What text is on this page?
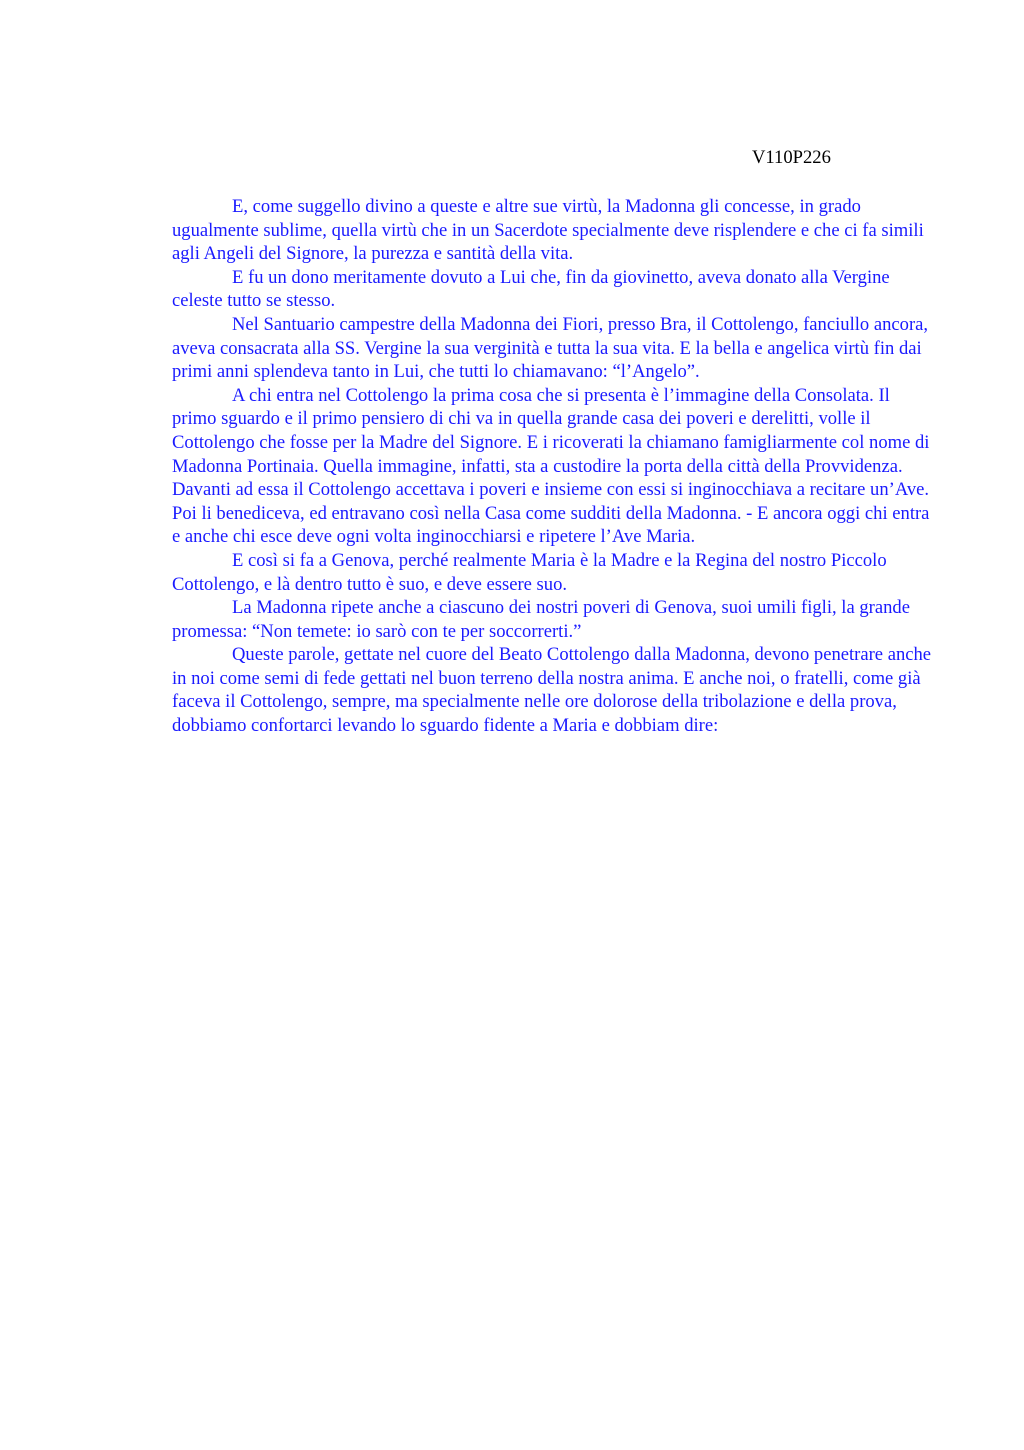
V110P226

E, come suggello divino a queste e altre sue virtù, la Madonna gli concesse, in grado ugualmente sublime, quella virtù che in un Sacerdote specialmente deve risplendere e che ci fa simili agli Angeli del Signore, la purezza e santità della vita.

E fu un dono meritamente dovuto a Lui che, fin da giovinetto, aveva donato alla Vergine celeste tutto se stesso.

Nel Santuario campestre della Madonna dei Fiori, presso Bra, il Cottolengo, fanciullo ancora, aveva consacrata alla SS. Vergine la sua verginità e tutta la sua vita. E la bella e angelica virtù fin dai primi anni splendeva tanto in Lui, che tutti lo chiamavano: “l’Angelo”.

A chi entra nel Cottolengo la prima cosa che si presenta è l’immagine della Consolata. Il primo sguardo e il primo pensiero di chi va in quella grande casa dei poveri e derelitti, volle il Cottolengo che fosse per la Madre del Signore. E i ricoverati la chiamano famigliarmente col nome di Madonna Portinaia. Quella immagine, infatti, sta a custodire la porta della città della Provvidenza. Davanti ad essa il Cottolengo accettava i poveri e insieme con essi si inginocchiava a recitare un’Ave. Poi li benediceva, ed entravano così nella Casa come sudditi della Madonna. - E ancora oggi chi entra e anche chi esce deve ogni volta inginocchiarsi e ripetere l’Ave Maria.

E così si fa a Genova, perché realmente Maria è la Madre e la Regina del nostro Piccolo Cottolengo, e là dentro tutto è suo, e deve essere suo.

La Madonna ripete anche a ciascuno dei nostri poveri di Genova, suoi umili figli, la grande promessa: “Non temete: io sarò con te per soccorrerti.”

Queste parole, gettate nel cuore del Beato Cottolengo dalla Madonna, devono penetrare anche in noi come semi di fede gettati nel buon terreno della nostra anima. E anche noi, o fratelli, come già faceva il Cottolengo, sempre, ma specialmente nelle ore dolorose della tribolazione e della prova, dobbiamo confortarci levando lo sguardo fidente a Maria e dobbiam dire:
